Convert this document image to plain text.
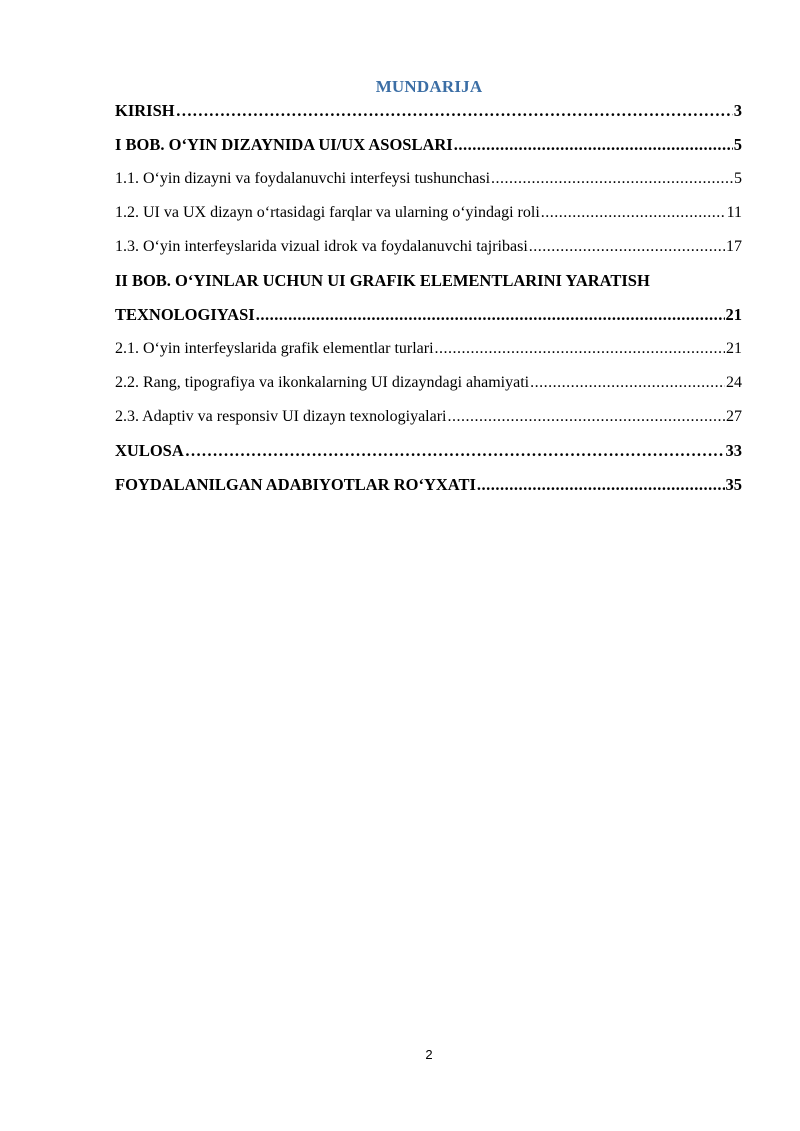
MUNDARIJA
KIRISH ……………………………………………………………………………………………………………………………………………………	3
I BOB. O‘YIN DIZAYNIDA UI/UX ASOSLARI .....	5
1.1. O‘yin dizayni va foydalanuvchi interfeysi tushunchasi .....	5
1.2. UI va UX dizayn o‘rtasidagi farqlar va ularning o‘yindagi roli .....	11
1.3. O‘yin interfeyslarida vizual idrok va foydalanuvchi tajribasi .....	17
II BOB. O‘YINLAR UCHUN UI GRAFIK ELEMENTLARINI YARATISH
TEXNOLOGIYASI .....	21
2.1. O‘yin interfeyslarida grafik elementlar turlari .....	21
2.2. Rang, tipografiya va ikonkalarning UI dizayndagi ahamiyati .....	24
2.3. Adaptiv va responsiv UI dizayn texnologiyalari .....	27
XULOSA ……………………………………………………………………………………………………………………………………………………	33
FOYDALANILGAN ADABIYOTLAR RO‘YXATI .....	35
2
